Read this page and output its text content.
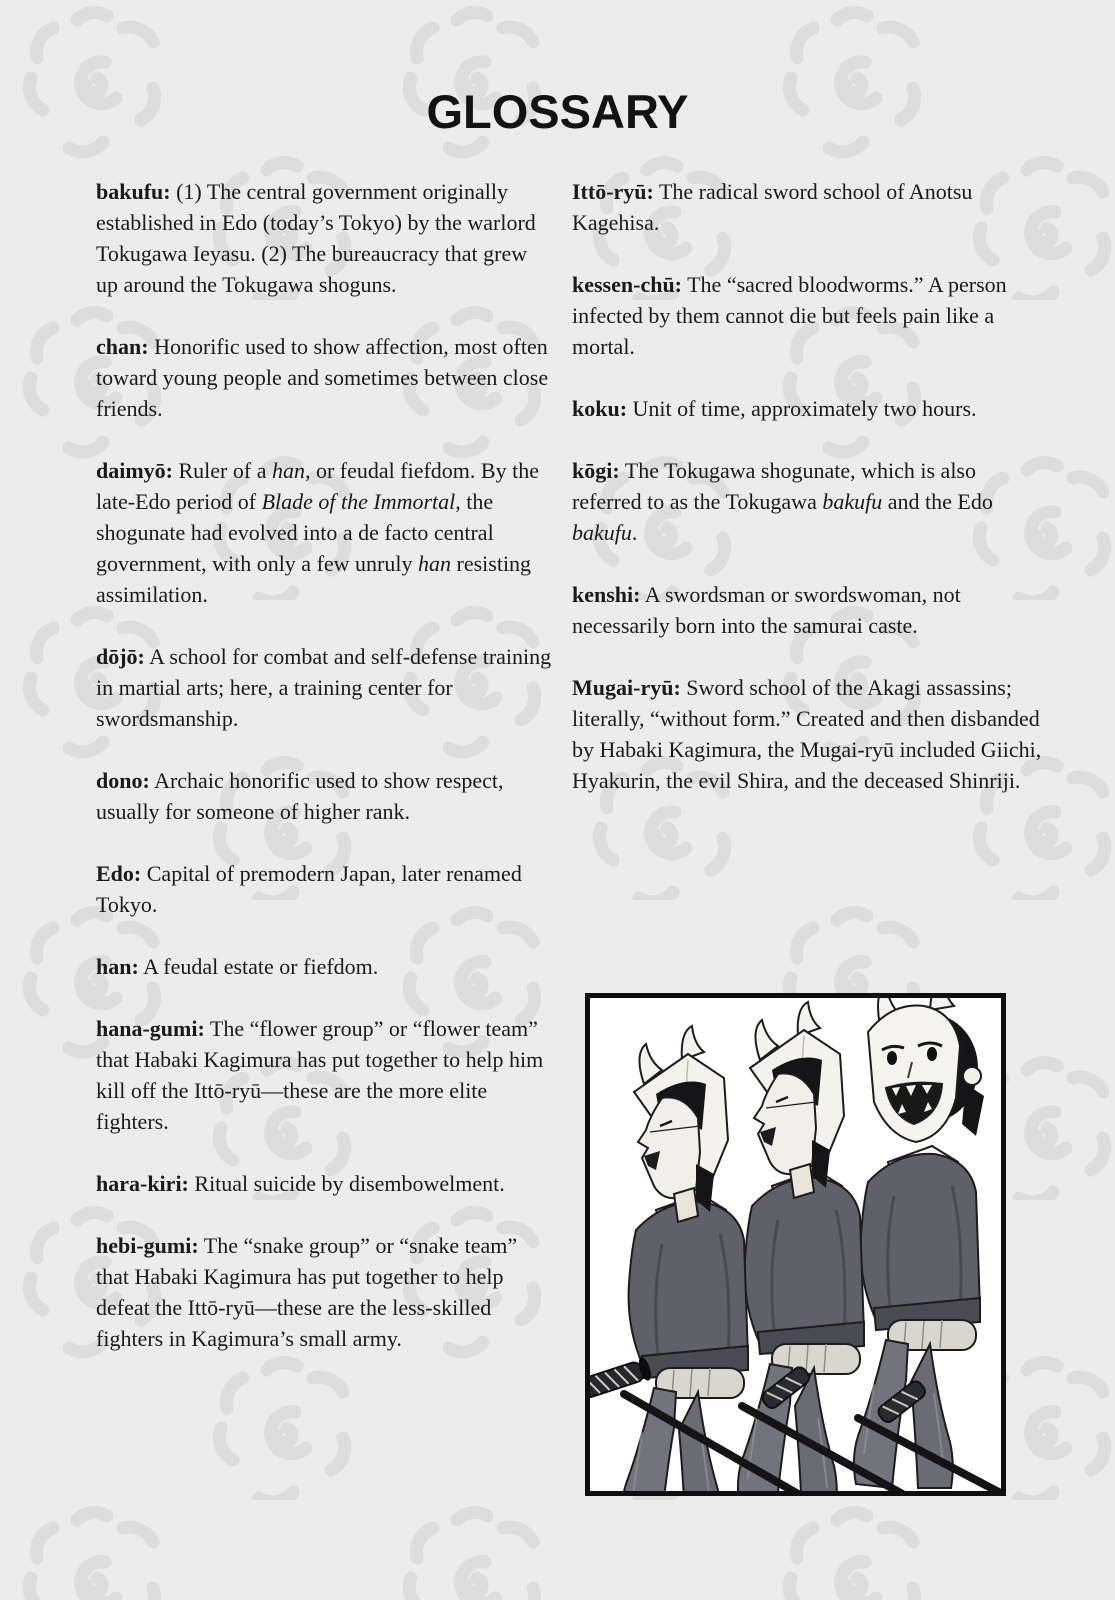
GLOSSARY

bakufu: (1) The central government originally established in Edo (today’s Tokyo) by the warlord Tokugawa Ieyasu. (2) The bureaucracy that grew up around the Tokugawa shoguns.

chan: Honorific used to show affection, most often toward young people and sometimes between close friends.

daimyō: Ruler of a han, or feudal fiefdom. By the late-Edo period of Blade of the Immortal, the shogunate had evolved into a de facto central government, with only a few unruly han resisting assimilation.

dōjō: A school for combat and self-defense training in martial arts; here, a training center for swordsmanship.

dono: Archaic honorific used to show respect, usually for someone of higher rank.

Edo: Capital of premodern Japan, later renamed Tokyo.

han: A feudal estate or fiefdom.

hana-gumi: The “flower group” or “flower team” that Habaki Kagimura has put together to help him kill off the Ittō-ryū—these are the more elite fighters.

hara-kiri: Ritual suicide by disembowelment.

hebi-gumi: The “snake group” or “snake team” that Habaki Kagimura has put together to help defeat the Ittō-ryū—these are the less-skilled fighters in Kagimura’s small army.

Ittō-ryū: The radical sword school of Anotsu Kagehisa.

kessen-chū: The “sacred bloodworms.” A person infected by them cannot die but feels pain like a mortal.

koku: Unit of time, approximately two hours.

kōgi: The Tokugawa shogunate, which is also referred to as the Tokugawa bakufu and the Edo bakufu.

kenshi: A swordsman or swordswoman, not necessarily born into the samurai caste.

Mugai-ryū: Sword school of the Akagi assassins; literally, “without form.” Created and then disbanded by Habaki Kagimura, the Mugai-ryū included Giichi, Hyakurin, the evil Shira, and the deceased Shinriji.
